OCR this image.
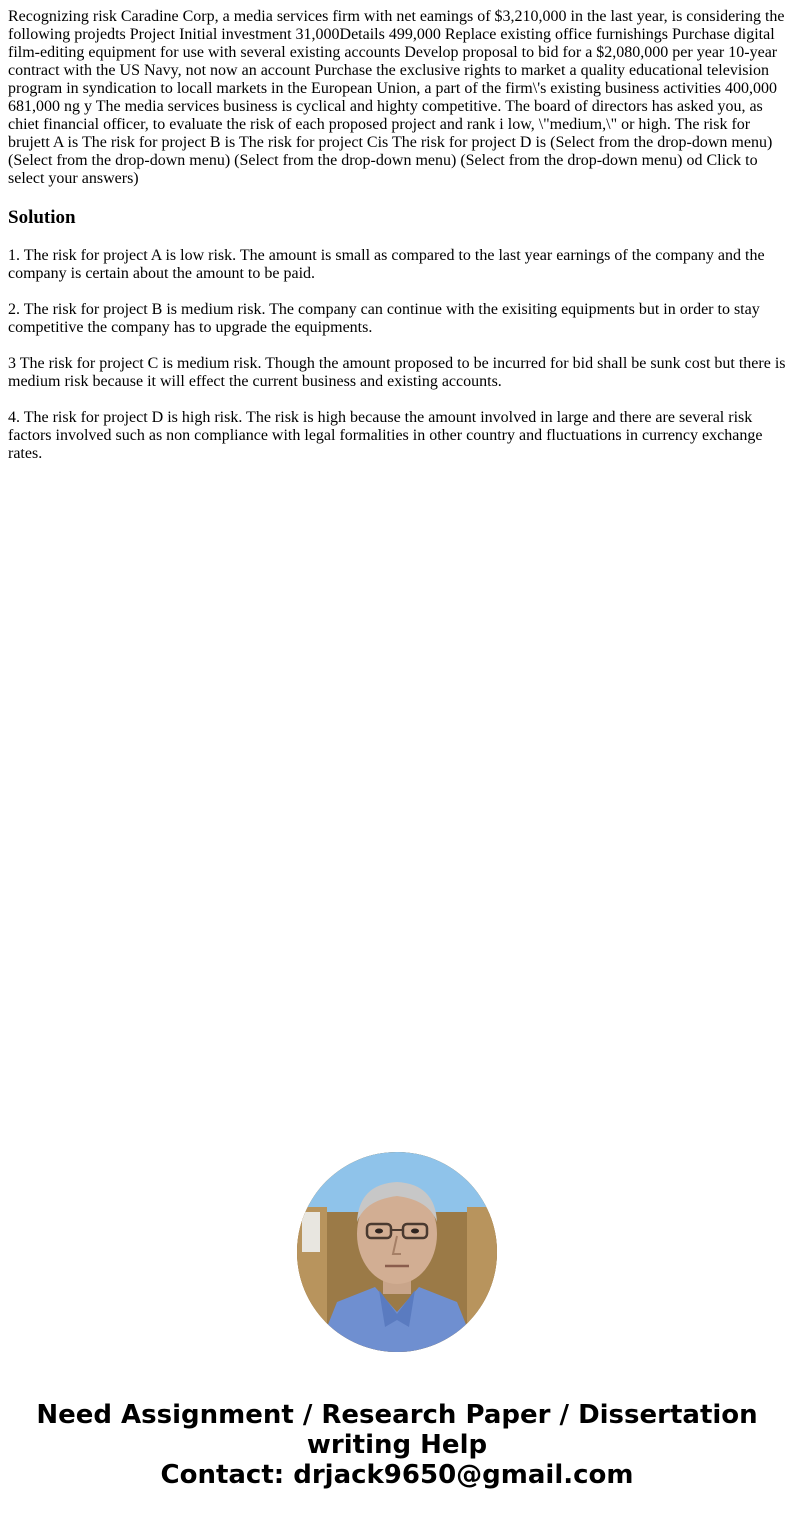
Recognizing risk Caradine Corp, a media services firm with net eamings of $3,210,000 in the last year, is considering the following projedts Project Initial investment 31,000Details 499,000 Replace existing office furnishings Purchase digital film-editing equipment for use with several existing accounts Develop proposal to bid for a $2,080,000 per year 10-year contract with the US Navy, not now an account Purchase the exclusive rights to market a quality educational television program in syndication to locall markets in the European Union, a part of the firm\'s existing business activities 400,000 681,000 ng y The media services business is cyclical and highty competitive. The board of directors has asked you, as chiet financial officer, to evaluate the risk of each proposed project and rank i low, \"medium,\" or high. The risk for brujett A is The risk for project B is The risk for project Cis The risk for project D is (Select from the drop-down menu) (Select from the drop-down menu) (Select from the drop-down menu) (Select from the drop-down menu) od Click to select your answers)

Solution

1. The risk for project A is low risk. The amount is small as compared to the last year earnings of the company and the company is certain about the amount to be paid.

2. The risk for project B is medium risk. The company can continue with the exisiting equipments but in order to stay competitive the company has to upgrade the equipments.

3 The risk for project C is medium risk. Though the amount proposed to be incurred for bid shall be sunk cost but there is medium risk because it will effect the current business and existing accounts.

4. The risk for project D is high risk. The risk is high because the amount involved in large and there are several risk factors involved such as non compliance with legal formalities in other country and fluctuations in currency exchange rates.

Need Assignment / Research Paper / Dissertation
writing Help
Contact: drjack9650@gmail.com
